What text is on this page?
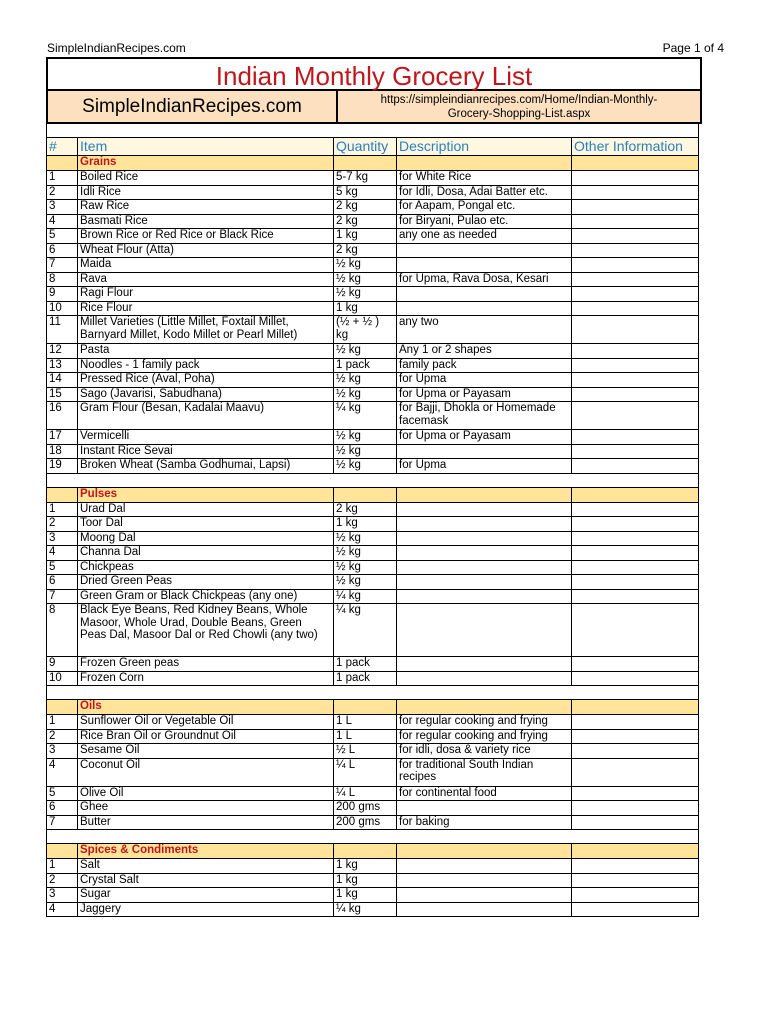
SimpleIndianRecipes.com	Page 1 of 4
Indian Monthly Grocery List
SimpleIndianRecipes.com	https://simpleindianrecipes.com/Home/Indian-Monthly-
Grocery-Shopping-List.aspx

#	Item	Quantity	Description	Other Information
	Grains			
1	Boiled Rice	5-7 kg	for White Rice	
2	Idli Rice	5 kg	for Idli, Dosa, Adai Batter etc.	
3	Raw Rice	2 kg	for Aapam, Pongal etc.	
4	Basmati Rice	2 kg	for Biryani, Pulao etc.	
5	Brown Rice or Red Rice or Black Rice	1 kg	any one as needed	
6	Wheat Flour (Atta)	2 kg		
7	Maida	½ kg		
8	Rava	½ kg	for Upma, Rava Dosa, Kesari	
9	Ragi Flour	½ kg		
10	Rice Flour	1 kg		
11	Millet Varieties (Little Millet, Foxtail Millet, Barnyard Millet, Kodo Millet or Pearl Millet)	(½ + ½ ) kg	any two	
12	Pasta	½ kg	Any 1 or 2 shapes	
13	Noodles - 1 family pack	1 pack	family pack	
14	Pressed Rice (Aval, Poha)	½ kg	for Upma	
15	Sago (Javarisi, Sabudhana)	½ kg	for Upma or Payasam	
16	Gram Flour (Besan, Kadalai Maavu)	¼ kg	for Bajji, Dhokla or Homemade facemask	
17	Vermicelli	½ kg	for Upma or Payasam	
18	Instant Rice Sevai	½ kg		
19	Broken Wheat (Samba Godhumai, Lapsi)	½ kg	for Upma	

	Pulses			
1	Urad Dal	2 kg		
2	Toor Dal	1 kg		
3	Moong Dal	½ kg		
4	Channa Dal	½ kg		
5	Chickpeas	½ kg		
6	Dried Green Peas	½ kg		
7	Green Gram or Black Chickpeas (any one)	¼ kg		
8	Black Eye Beans, Red Kidney Beans, Whole Masoor, Whole Urad, Double Beans, Green Peas Dal, Masoor Dal or Red Chowli (any two)	¼ kg		
9	Frozen Green peas	1 pack		
10	Frozen Corn	1 pack		

	Oils			
1	Sunflower Oil or Vegetable Oil	1 L	for regular cooking and frying	
2	Rice Bran Oil or Groundnut Oil	1 L	for regular cooking and frying	
3	Sesame Oil	½ L	for idli, dosa & variety rice	
4	Coconut Oil	¼ L	for traditional South Indian recipes	
5	Olive Oil	¼ L	for continental food	
6	Ghee	200 gms		
7	Butter	200 gms	for baking	

	Spices & Condiments			
1	Salt	1 kg		
2	Crystal Salt	1 kg		
3	Sugar	1 kg		
4	Jaggery	¼ kg		
